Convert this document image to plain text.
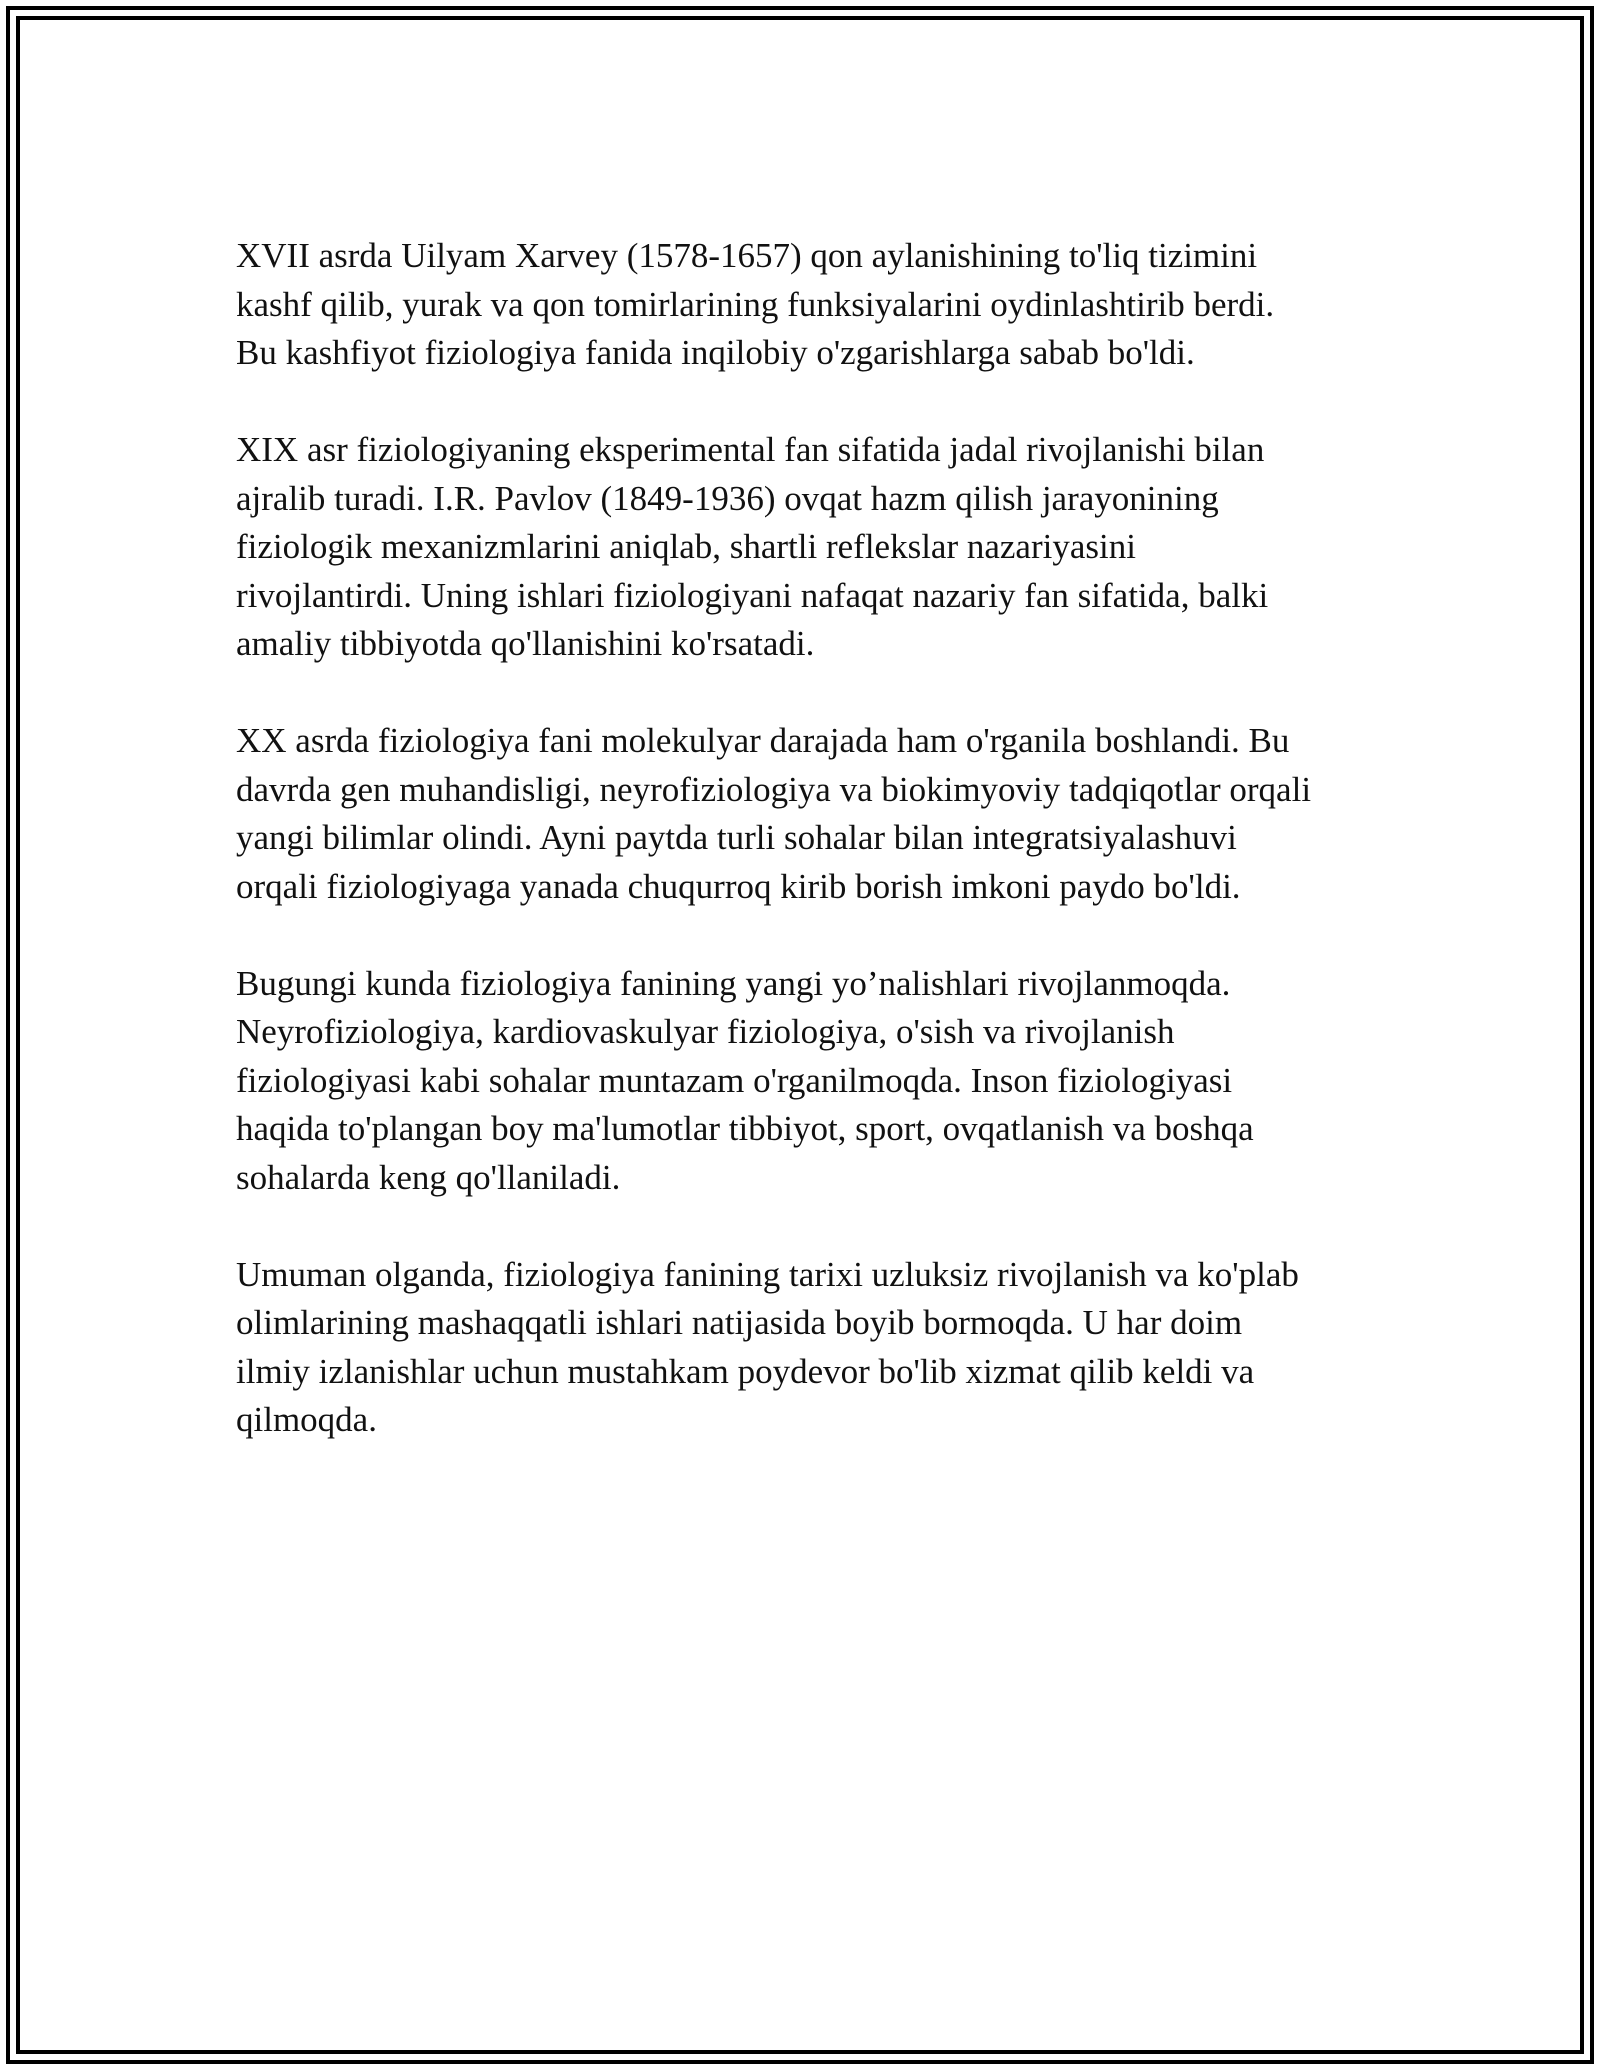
XVII asrda Uilyam Xarvey (1578-1657) qon aylanishining to'liq tizimini
kashf qilib, yurak va qon tomirlarining funksiyalarini oydinlashtirib berdi.
Bu kashfiyot fiziologiya fanida inqilobiy o'zgarishlarga sabab bo'ldi.

XIX asr fiziologiyaning eksperimental fan sifatida jadal rivojlanishi bilan
ajralib turadi. I.R. Pavlov (1849-1936) ovqat hazm qilish jarayonining
fiziologik mexanizmlarini aniqlab, shartli reflekslar nazariyasini
rivojlantirdi. Uning ishlari fiziologiyani nafaqat nazariy fan sifatida, balki
amaliy tibbiyotda qo'llanishini ko'rsatadi.

XX asrda fiziologiya fani molekulyar darajada ham o'rganila boshlandi. Bu
davrda gen muhandisligi, neyrofiziologiya va biokimyoviy tadqiqotlar orqali
yangi bilimlar olindi. Ayni paytda turli sohalar bilan integratsiyalashuvi
orqali fiziologiyaga yanada chuqurroq kirib borish imkoni paydo bo'ldi.

Bugungi kunda fiziologiya fanining yangi yo’nalishlari rivojlanmoqda.
Neyrofiziologiya, kardiovaskulyar fiziologiya, o'sish va rivojlanish
fiziologiyasi kabi sohalar muntazam o'rganilmoqda. Inson fiziologiyasi
haqida to'plangan boy ma'lumotlar tibbiyot, sport, ovqatlanish va boshqa
sohalarda keng qo'llaniladi.

Umuman olganda, fiziologiya fanining tarixi uzluksiz rivojlanish va ko'plab
olimlarining mashaqqatli ishlari natijasida boyib bormoqda. U har doim
ilmiy izlanishlar uchun mustahkam poydevor bo'lib xizmat qilib keldi va
qilmoqda.
